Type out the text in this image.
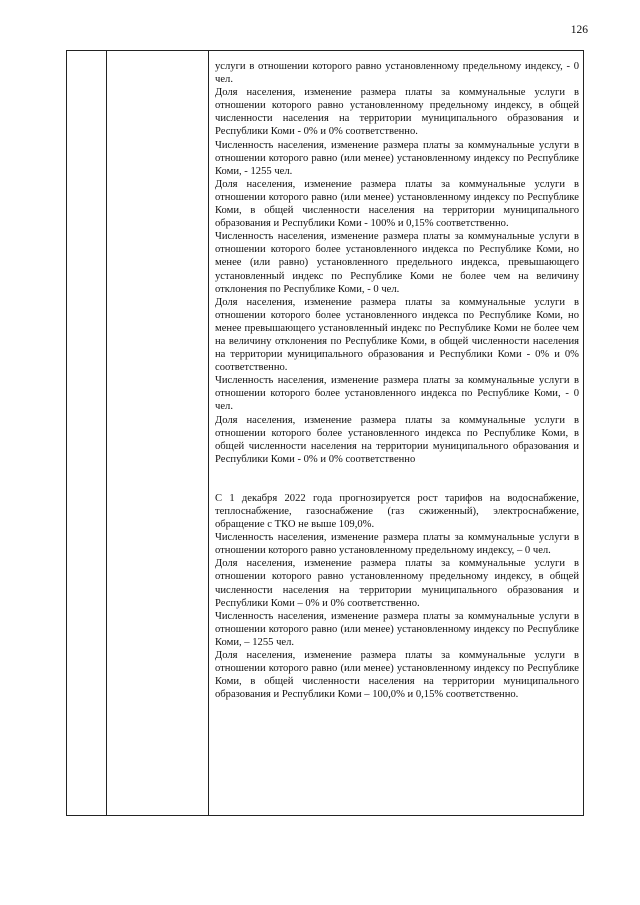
126

услуги в отношении которого равно установленному предельному индексу, - 0 чел.

Доля населения, изменение размера платы за коммунальные услуги в отношении которого равно установленному предельному индексу, в общей численности населения на территории муниципального образования и Республики Коми - 0% и 0% соответственно.

Численность населения, изменение размера платы за коммунальные услуги в отношении которого равно (или менее) установленному индексу по Республике Коми, - 1255 чел.

Доля населения, изменение размера платы за коммунальные услуги в отношении которого равно (или менее) установленному индексу по Республике Коми, в общей численности населения на территории муниципального образования и Республики Коми - 100% и 0,15% соответственно.

Численность населения, изменение размера платы за коммунальные услуги в отношении которого более установленного индекса по Республике Коми, но менее (или равно) установленного предельного индекса, превышающего установленный индекс по Республике Коми не более чем на величину отклонения по Республике Коми, - 0 чел.

Доля населения, изменение размера платы за коммунальные услуги в отношении которого более установленного индекса по Республике Коми, но менее превышающего установленный индекс по Республике Коми не более чем на величину отклонения по Республике Коми, в общей численности населения на территории муниципального образования и Республики Коми - 0% и 0% соответственно.

Численность населения, изменение размера платы за коммунальные услуги в отношении которого более установленного индекса по Республике Коми, - 0 чел.

Доля населения, изменение размера платы за коммунальные услуги в отношении которого более установленного индекса по Республике Коми, в общей численности населения на территории муниципального образования и Республики Коми - 0% и 0% соответственно

С 1 декабря 2022 года прогнозируется рост тарифов на водоснабжение, теплоснабжение, газоснабжение (газ сжиженный), электроснабжение, обращение с ТКО не выше 109,0%.

Численность населения, изменение размера платы за коммунальные услуги в отношении которого равно установленному предельному индексу, – 0 чел.

Доля населения, изменение размера платы за коммунальные услуги в отношении которого равно установленному предельному индексу, в общей численности населения на территории муниципального образования и Республики Коми – 0% и 0% соответственно.

Численность населения, изменение размера платы за коммунальные услуги в отношении которого равно (или менее) установленному индексу по Республике Коми, – 1255 чел.

Доля населения, изменение размера платы за коммунальные услуги в отношении которого равно (или менее) установленному индексу по Республике Коми, в общей численности населения на территории муниципального образования и Республики Коми – 100,0% и 0,15% соответственно.
